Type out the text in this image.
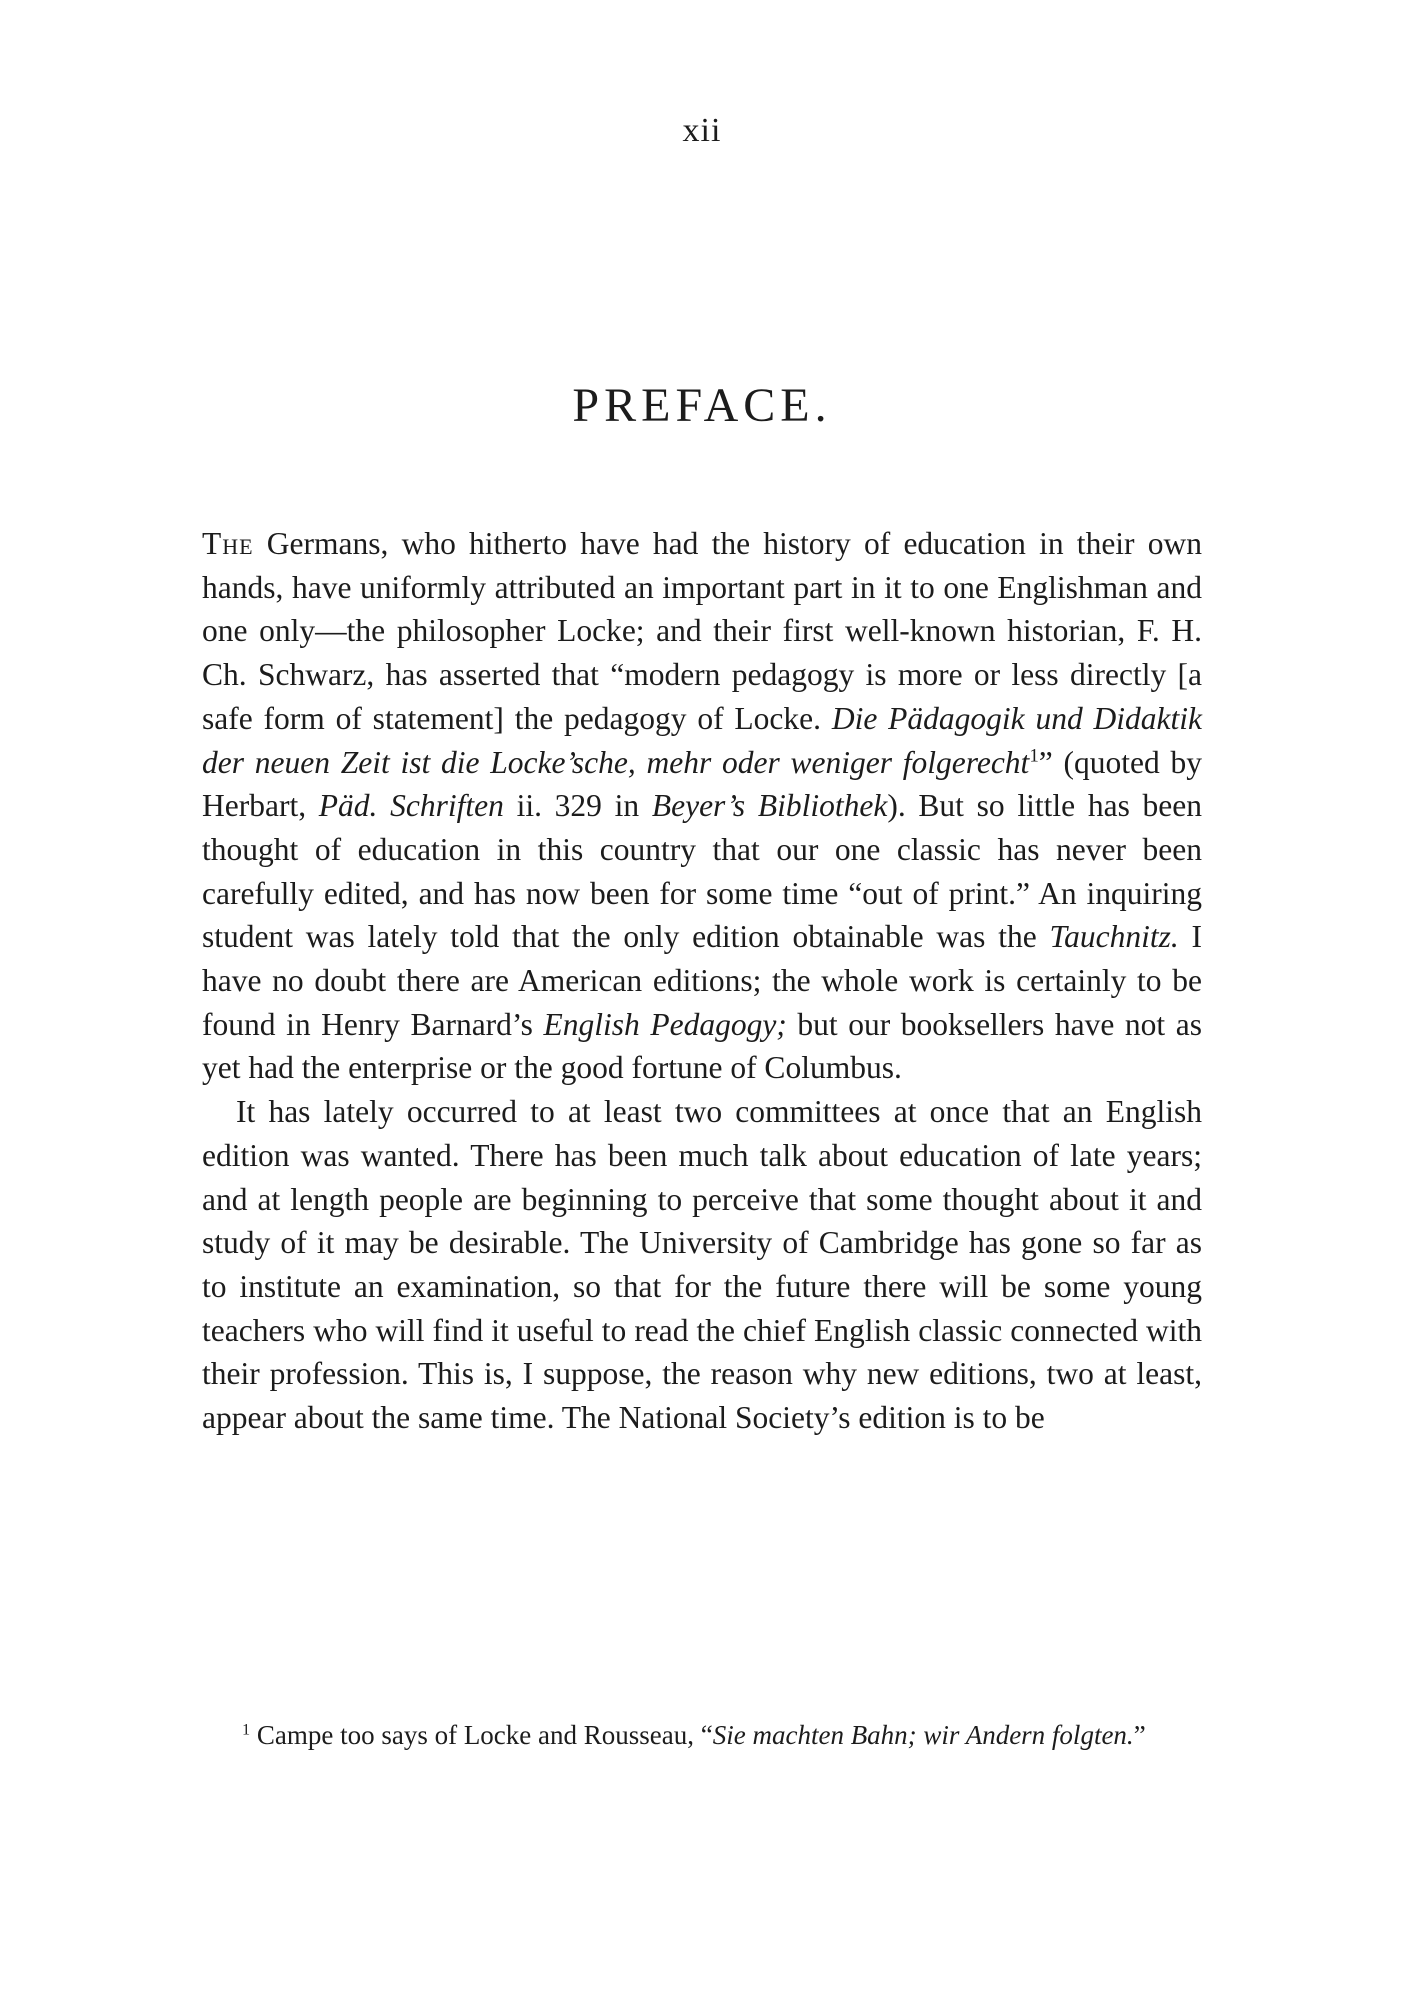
xii
PREFACE.

The Germans, who hitherto have had the history of education in their own hands, have uniformly attributed an important part in it to one Englishman and one only—the philosopher Locke; and their first well-known historian, F. H. Ch. Schwarz, has asserted that “modern pedagogy is more or less directly [a safe form of statement] the pedagogy of Locke. Die Pädagogik und Didaktik der neuen Zeit ist die Locke’sche, mehr oder weniger folgerecht$^1$” (quoted by Herbart, Päd. Schriften ii. 329 in Beyer’s Bibliothek). But so little has been thought of education in this country that our one classic has never been carefully edited, and has now been for some time “out of print.” An inquiring student was lately told that the only edition obtainable was the Tauchnitz. I have no doubt there are American editions; the whole work is certainly to be found in Henry Barnard’s English Pedagogy; but our booksellers have not as yet had the enterprise or the good fortune of Columbus.

It has lately occurred to at least two committees at once that an English edition was wanted. There has been much talk about education of late years; and at length people are beginning to perceive that some thought about it and study of it may be desirable. The University of Cambridge has gone so far as to institute an examination, so that for the future there will be some young teachers who will find it useful to read the chief English classic connected with their profession. This is, I suppose, the reason why new editions, two at least, appear about the same time. The National Society’s edition is to be

$^1$ Campe too says of Locke and Rousseau, “Sie machten Bahn; wir Andern folgten.”
